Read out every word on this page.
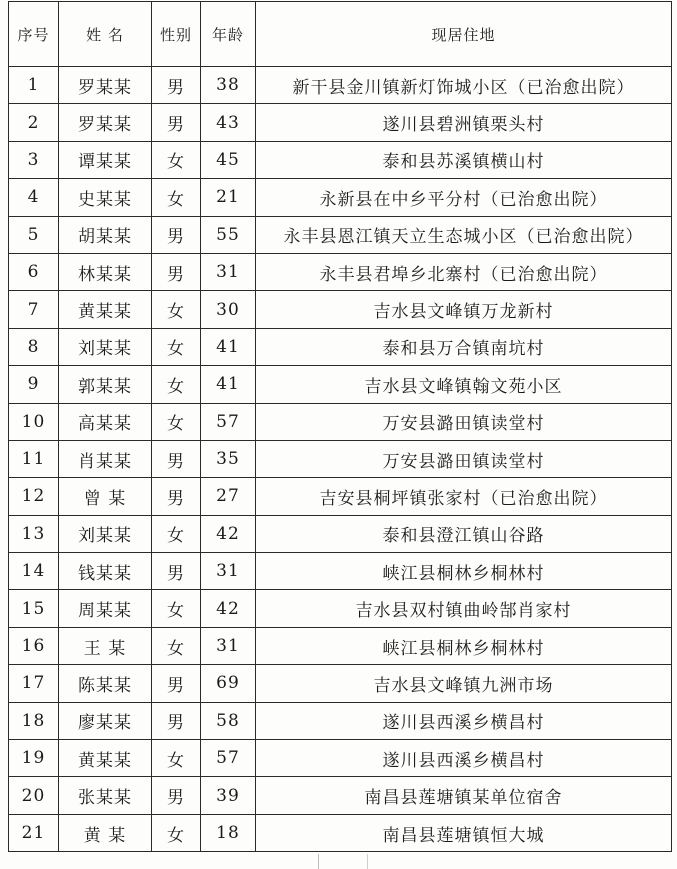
序号	姓 名	性别	年龄	现居住地
1	罗某某	男	38	新干县金川镇新灯饰城小区（已治愈出院）
2	罗某某	男	43	遂川县碧洲镇栗头村
3	谭某某	女	45	泰和县苏溪镇横山村
4	史某某	女	21	永新县在中乡平分村（已治愈出院）
5	胡某某	男	55	永丰县恩江镇天立生态城小区（已治愈出院）
6	林某某	男	31	永丰县君埠乡北寨村（已治愈出院）
7	黄某某	女	30	吉水县文峰镇万龙新村
8	刘某某	女	41	泰和县万合镇南坑村
9	郭某某	女	41	吉水县文峰镇翰文苑小区
10	高某某	女	57	万安县潞田镇读堂村
11	肖某某	男	35	万安县潞田镇读堂村
12	曾 某	男	27	吉安县桐坪镇张家村（已治愈出院）
13	刘某某	女	42	泰和县澄江镇山谷路
14	钱某某	男	31	峡江县桐林乡桐林村
15	周某某	女	42	吉水县双村镇曲岭郜肖家村
16	王 某	女	31	峡江县桐林乡桐林村
17	陈某某	男	69	吉水县文峰镇九洲市场
18	廖某某	男	58	遂川县西溪乡横昌村
19	黄某某	女	57	遂川县西溪乡横昌村
20	张某某	男	39	南昌县莲塘镇某单位宿舍
21	黄 某	女	18	南昌县莲塘镇恒大城
